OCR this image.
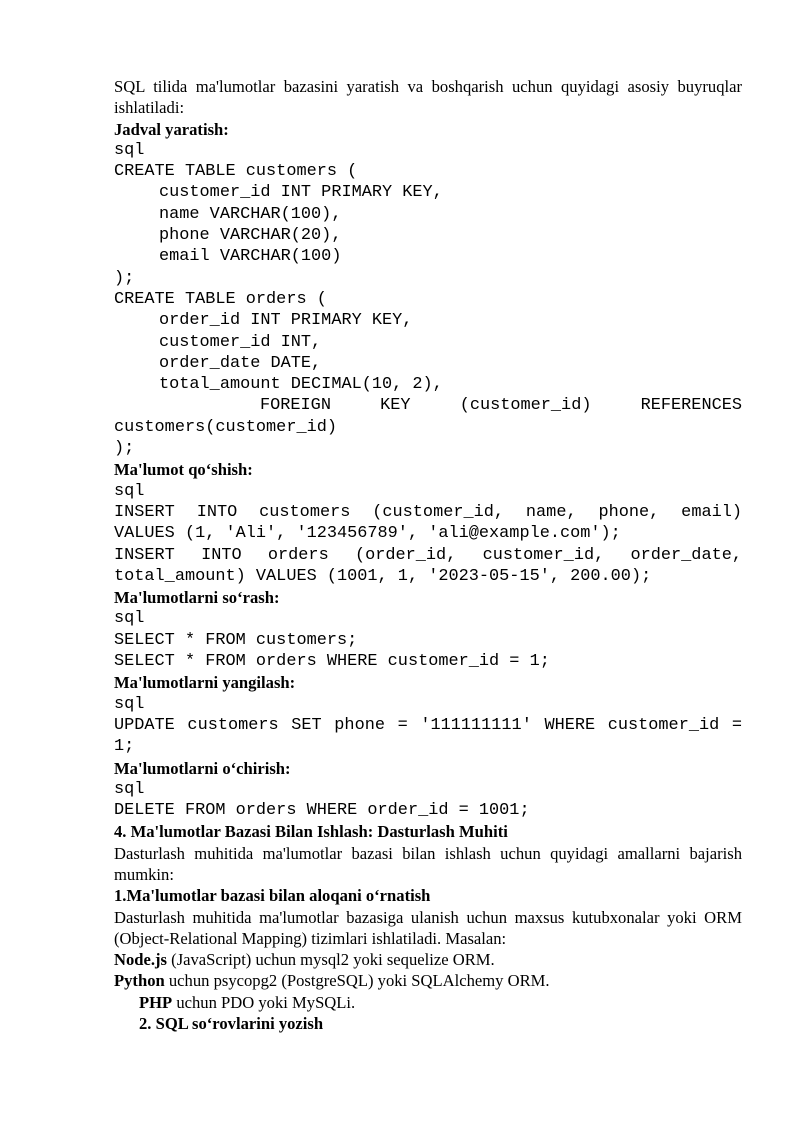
SQL tilida ma'lumotlar bazasini yaratish va boshqarish uchun quyidagi asosiy buyruqlar ishlatiladi:

Jadval yaratish:

sql
CREATE TABLE customers (
customer_id INT PRIMARY KEY,
name VARCHAR(100),
phone VARCHAR(20),
email VARCHAR(100)
);
CREATE TABLE orders (
order_id INT PRIMARY KEY,
customer_id INT,
order_date DATE,
total_amount DECIMAL(10, 2),
FOREIGN KEY (customer_id) REFERENCES
customers(customer_id)
);

Ma'lumot qo‘shish:

sql
INSERT INTO customers (customer_id, name, phone, email) VALUES (1, 'Ali', '123456789', 'ali@example.com');
INSERT INTO orders (order_id, customer_id, order_date, total_amount) VALUES (1001, 1, '2023-05-15', 200.00);

Ma'lumotlarni so‘rash:

sql
SELECT * FROM customers;
SELECT * FROM orders WHERE customer_id = 1;

Ma'lumotlarni yangilash:

sql
UPDATE customers SET phone = '111111111' WHERE customer_id = 1;

Ma'lumotlarni o‘chirish:

sql
DELETE FROM orders WHERE order_id = 1001;

4. Ma'lumotlar Bazasi Bilan Ishlash: Dasturlash Muhiti

Dasturlash muhitida ma'lumotlar bazasi bilan ishlash uchun quyidagi amallarni bajarish mumkin:

1.Ma'lumotlar bazasi bilan aloqani o‘rnatish

Dasturlash muhitida ma'lumotlar bazasiga ulanish uchun maxsus kutubxonalar yoki ORM (Object-Relational Mapping) tizimlari ishlatiladi. Masalan:

Node.js (JavaScript) uchun mysql2 yoki sequelize ORM.

Python uchun psycopg2 (PostgreSQL) yoki SQLAlchemy ORM.

PHP uchun PDO yoki MySQLi.

2. SQL so‘rovlarini yozish
